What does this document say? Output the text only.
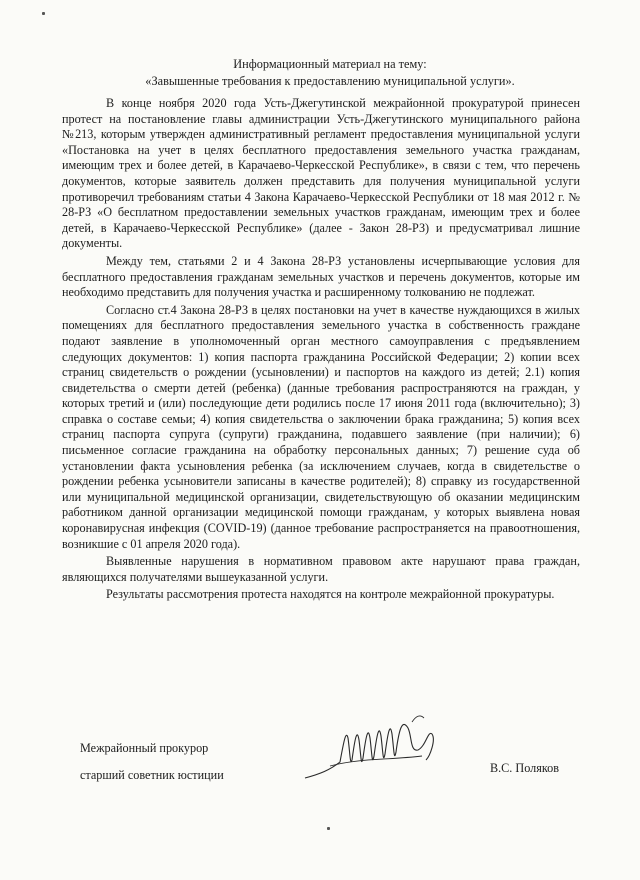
Информационный материал на тему:
«Завышенные требования к предоставлению муниципальной услуги».

В конце ноября 2020 года Усть-Джегутинской межрайонной прокуратурой принесен протест на постановление главы администрации Усть-Джегутинского муниципального района №213, которым утвержден административный регламент предоставления муниципальной услуги «Постановка на учет в целях бесплатного предоставления земельного участка гражданам, имеющим трех и более детей, в Карачаево-Черкесской Республике», в связи с тем, что перечень документов, которые заявитель должен представить для получения муниципальной услуги противоречил требованиям статьи 4 Закона Карачаево-Черкесской Республики от 18 мая 2012 г. № 28-РЗ «О бесплатном предоставлении земельных участков гражданам, имеющим трех и более детей, в Карачаево-Черкесской Республике» (далее - Закон 28-РЗ) и предусматривал лишние документы.

Между тем, статьями 2 и 4 Закона 28-РЗ установлены исчерпывающие условия для бесплатного предоставления гражданам земельных участков и перечень документов, которые им необходимо представить для получения участка и расширенному толкованию не подлежат.

Согласно ст.4 Закона 28-РЗ в целях постановки на учет в качестве нуждающихся в жилых помещениях для бесплатного предоставления земельного участка в собственность граждане подают заявление в уполномоченный орган местного самоуправления с предъявлением следующих документов: 1) копия паспорта гражданина Российской Федерации; 2) копии всех страниц свидетельств о рождении (усыновлении) и паспортов на каждого из детей; 2.1) копия свидетельства о смерти детей (ребенка) (данные требования распространяются на граждан, у которых третий и (или) последующие дети родились после 17 июня 2011 года (включительно); 3) справка о составе семьи; 4) копия свидетельства о заключении брака гражданина; 5) копия всех страниц паспорта супруга (супруги) гражданина, подавшего заявление (при наличии); 6) письменное согласие гражданина на обработку персональных данных; 7) решение суда об установлении факта усыновления ребенка (за исключением случаев, когда в свидетельстве о рождении ребенка усыновители записаны в качестве родителей); 8) справку из государственной или муниципальной медицинской организации, свидетельствующую об оказании медицинским работником данной организации медицинской помощи гражданам, у которых выявлена новая коронавирусная инфекция (COVID-19) (данное требование распространяется на правоотношения, возникшие с 01 апреля 2020 года).

Выявленные нарушения в нормативном правовом акте нарушают права граждан, являющихся получателями вышеуказанной услуги.

Результаты рассмотрения протеста находятся на контроле межрайонной прокуратуры.

Межрайонный прокурор
старший советник юстиции	В.С. Поляков
